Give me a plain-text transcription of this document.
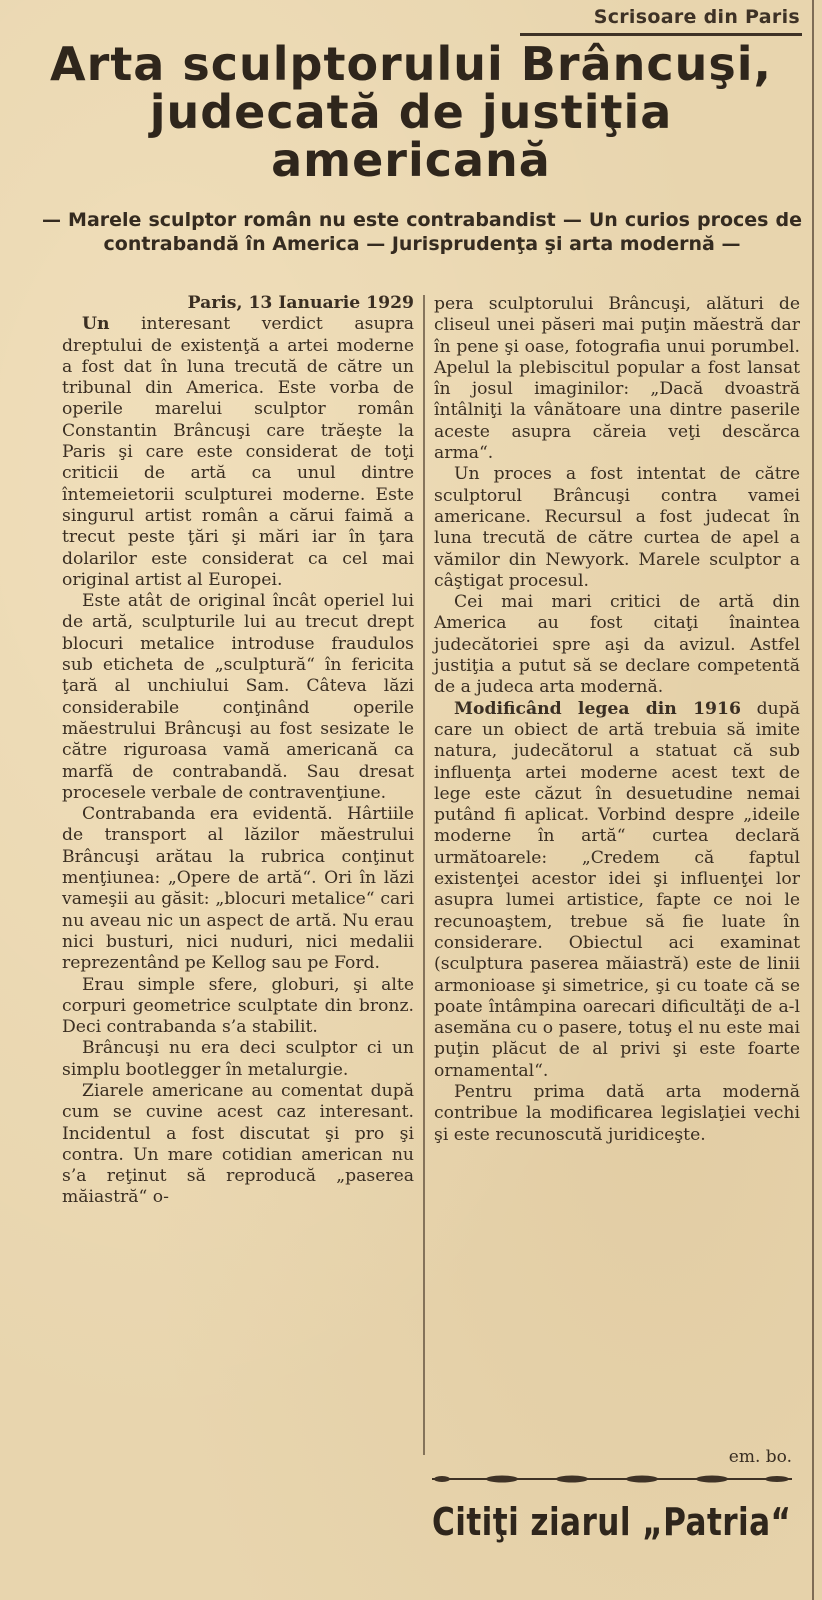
Scrisoare din Paris
Arta sculptorului Brâncuşi,
judecată de justiţia
americană
— Marele sculptor român nu este contrabandist — Un curios proces de contrabandă în America — Jurisprudenţa şi arta modernă —

Paris, 13 Ianuarie 1929

Un interesant verdict asupra dreptului de existenţă a artei moderne a fost dat în luna trecută de către un tribunal din America. Este vorba de operile marelui sculptor român Constantin Brâncuşi care trăeşte la Paris şi care este considerat de toţi criticii de artă ca unul dintre întemeietorii sculpturei moderne. Este singurul artist român a cărui faimă a trecut peste ţări şi mări iar în ţara dolarilor este considerat ca cel mai original artist al Europei.

Este atât de original încât operiel lui de artă, sculpturile lui au trecut drept blocuri metalice introduse fraudulos sub eticheta de „sculptură“ în fericita ţară al unchiului Sam. Câteva lăzi considerabile conţinând operile măestrului Brâncuşi au fost sesizate le către riguroasa vamă americană ca marfă de contrabandă. Sau dresat procesele verbale de contravenţiune.

Contrabanda era evidentă. Hârtiile de transport al lăzilor măestrului Brâncuşi arătau la rubrica conţinut menţiunea: „Opere de artă“. Ori în lăzi vameşii au găsit: „blocuri metalice“ cari nu aveau nic un aspect de artă. Nu erau nici busturi, nici nuduri, nici medalii reprezentând pe Kellog sau pe Ford.

Erau simple sfere, globuri, şi alte corpuri geometrice sculptate din bronz. Deci contrabanda s’a stabilit.

Brâncuşi nu era deci sculptor ci un simplu bootlegger în metalurgie.

Ziarele americane au comentat după cum se cuvine acest caz interesant. Incidentul a fost discutat şi pro şi contra. Un mare cotidian american nu s’a reţinut să reproducă „paserea măiastră“ o-

pera sculptorului Brâncuşi, alături de cliseul unei păseri mai puţin măestră dar în pene şi oase, fotografia unui porumbel. Apelul la plebiscitul popular a fost lansat în josul imaginilor: „Dacă dvoastră întâlniţi la vânătoare una dintre paserile aceste asupra căreia veţi descărca arma“.

Un proces a fost intentat de către sculptorul Brâncuşi contra vamei americane. Recursul a fost judecat în luna trecută de către curtea de apel a vămilor din Newyork. Marele sculptor a câştigat procesul.

Cei mai mari critici de artă din America au fost citaţi înaintea judecătoriei spre aşi da avizul. Astfel justiţia a putut să se declare competentă de a judeca arta modernă.

Modificând legea din 1916 după care un obiect de artă trebuia să imite natura, judecătorul a statuat că sub influenţa artei moderne acest text de lege este căzut în desuetudine nemai putând fi aplicat. Vorbind despre „ideile moderne în artă“ curtea declară următoarele: „Credem că faptul existenţei acestor idei şi influenţei lor asupra lumei artistice, fapte ce noi le recunoaştem, trebue să fie luate în considerare. Obiectul aci examinat (sculptura paserea măiastră) este de linii armonioase şi simetrice, şi cu toate că se poate întâmpina oarecari dificultăţi de a-l asemăna cu o pasere, totuş el nu este mai puţin plăcut de al privi şi este foarte ornamental“.

Pentru prima dată arta modernă contribue la modificarea legislaţiei vechi şi este recunoscută juridiceşte.

em. bo.
Citiţi ziarul „Patria“
